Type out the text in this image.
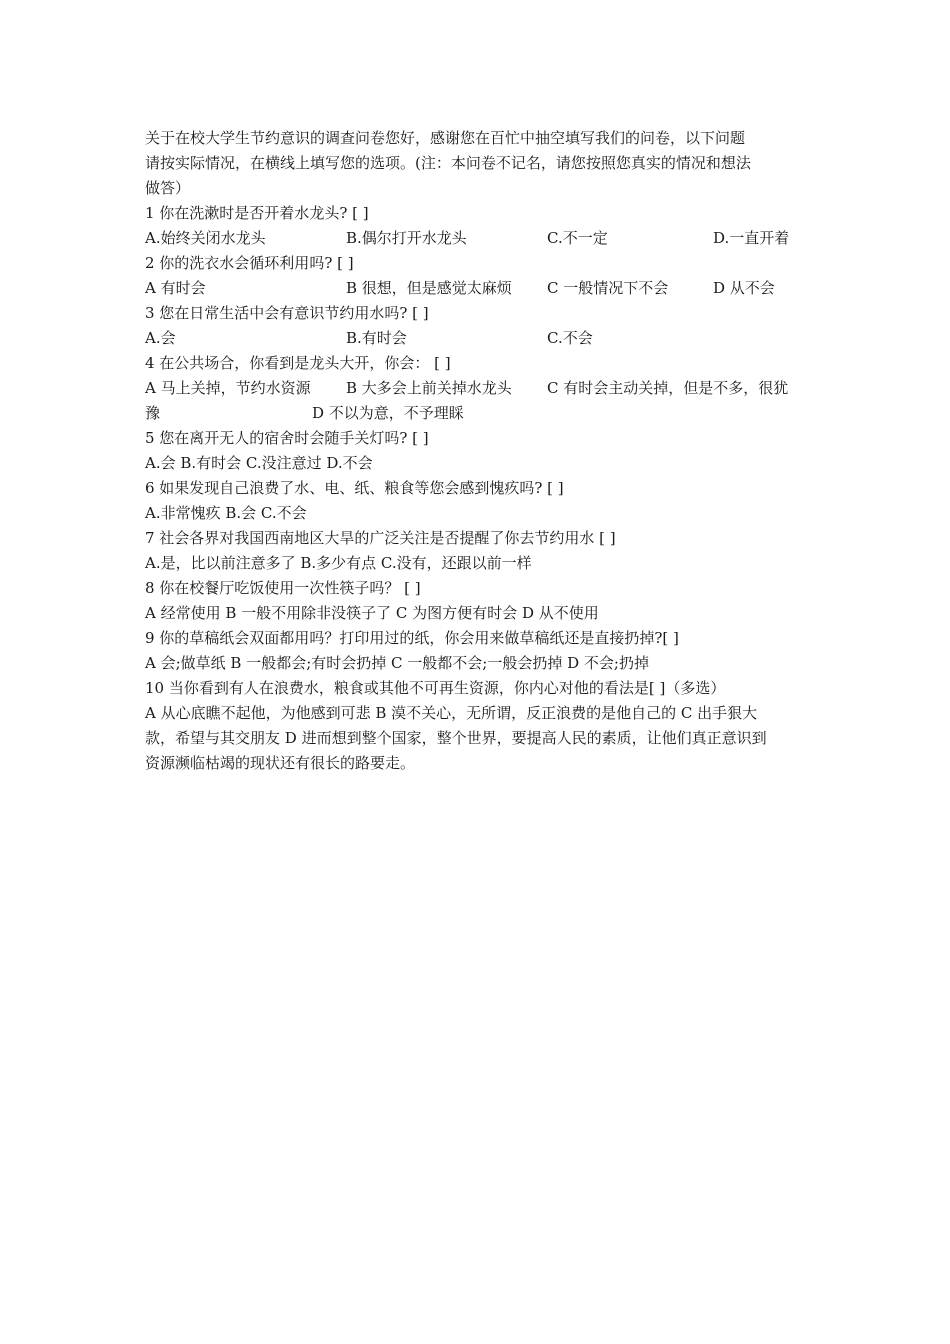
关于在校大学生节约意识的调查问卷您好，感谢您在百忙中抽空填写我们的问卷，以下问题
请按实际情况，在横线上填写您的选项。(注：本问卷不记名，请您按照您真实的情况和想法
做答）
1 你在洗漱时是否开着水龙头? [ ]
A.始终关闭水龙头	B.偶尔打开水龙头	C.不一定	D.一直开着
2 你的洗衣水会循环利用吗? [ ]
A 有时会	B 很想，但是感觉太麻烦 C 一般情况下不会	D 从不会
3 您在日常生活中会有意识节约用水吗? [ ]
A.会	B.有时会	C.不会
4 在公共场合，你看到是龙头大开，你会： [ ]
A 马上关掉，节约水资源 B 大多会上前关掉水龙头 C 有时会主动关掉，但是不多，很犹
豫	D 不以为意，不予理睬
5 您在离开无人的宿舍时会随手关灯吗? [ ]
A.会 B.有时会 C.没注意过 D.不会
6 如果发现自己浪费了水、电、纸、粮食等您会感到愧疚吗? [ ]
A.非常愧疚 B.会 C.不会
7 社会各界对我国西南地区大旱的广泛关注是否提醒了你去节约用水 [ ]
A.是，比以前注意多了 B.多少有点 C.没有，还跟以前一样
8 你在校餐厅吃饭使用一次性筷子吗？ [ ]
A 经常使用 B 一般不用除非没筷子了 C 为图方便有时会 D 从不使用
9 你的草稿纸会双面都用吗？打印用过的纸，你会用来做草稿纸还是直接扔掉?[ ]
A 会;做草纸 B 一般都会;有时会扔掉 C 一般都不会;一般会扔掉 D 不会;扔掉
10 当你看到有人在浪费水，粮食或其他不可再生资源，你内心对他的看法是[ ]（多选）
A 从心底瞧不起他，为他感到可悲 B 漠不关心，无所谓，反正浪费的是他自己的 C 出手狠大
款，希望与其交朋友 D 进而想到整个国家，整个世界，要提高人民的素质，让他们真正意识到
资源濒临枯竭的现状还有很长的路要走。
